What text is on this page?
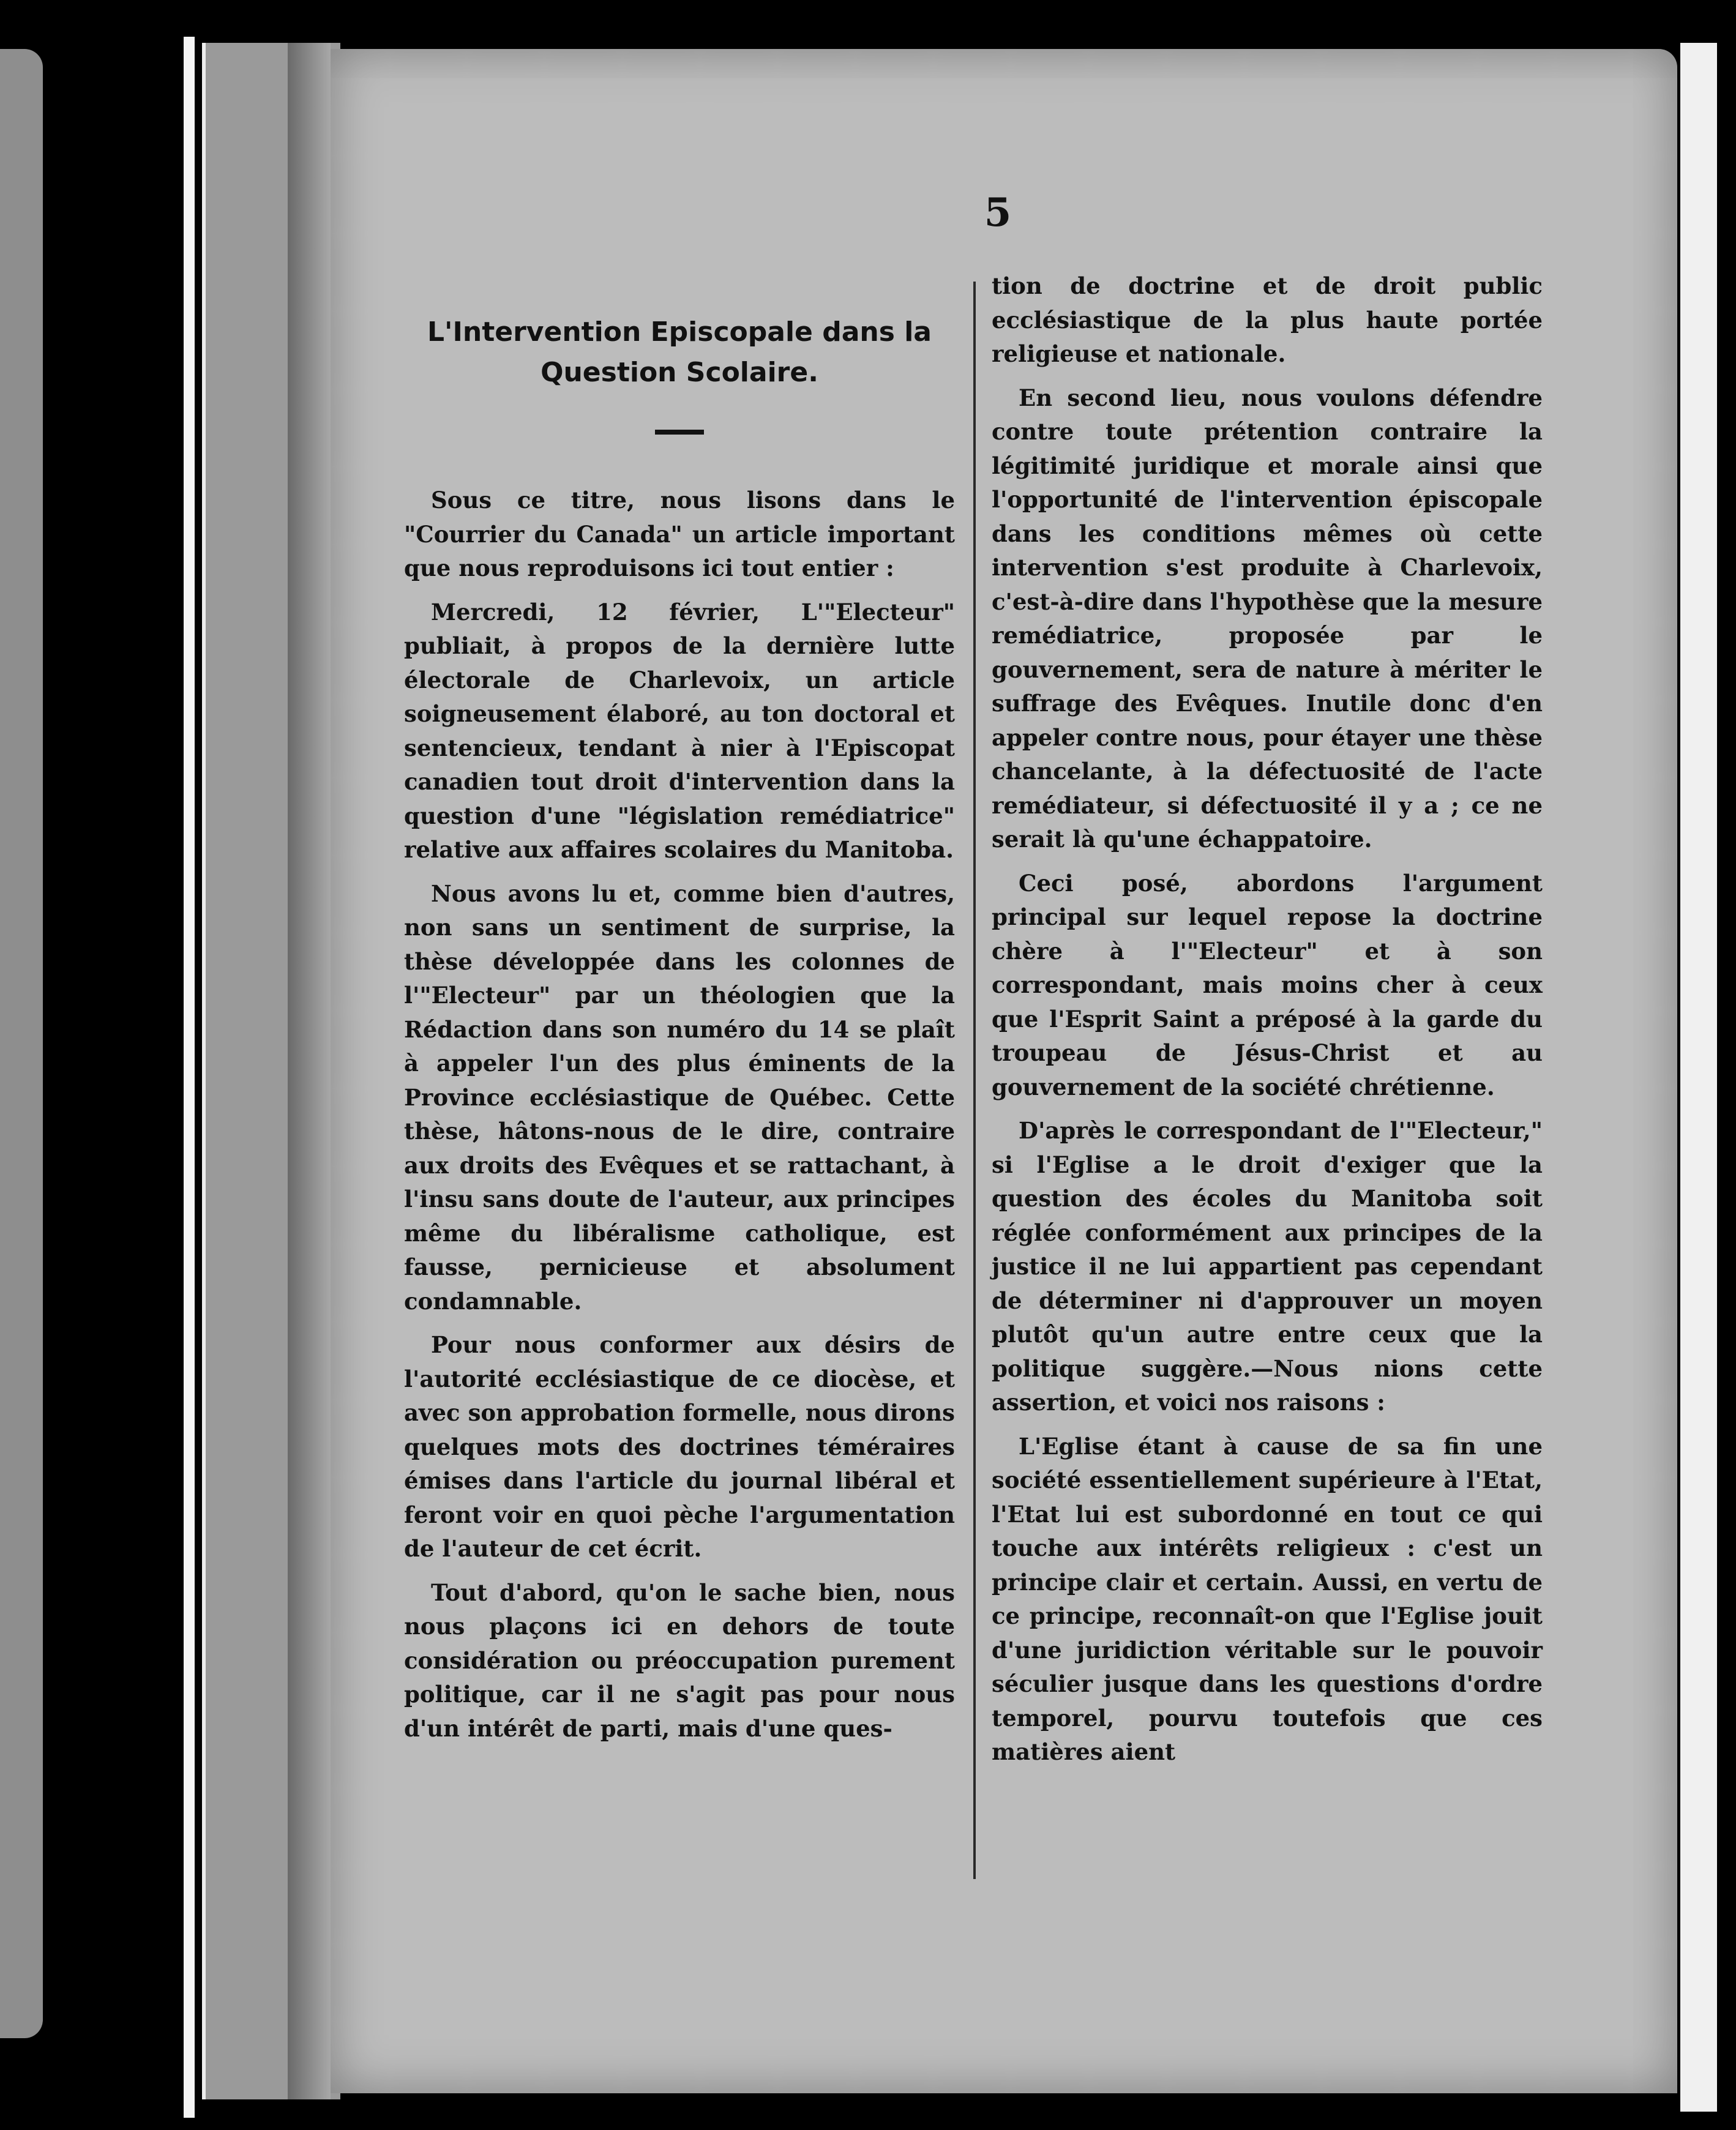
5
L'Intervention Episcopale dans la Question Scolaire.

Sous ce titre, nous lisons dans le "Courrier du Canada" un article important que nous reproduisons ici tout entier :

Mercredi, 12 février, L'"Electeur" publiait, à propos de la dernière lutte électorale de Charlevoix, un article soigneusement élaboré, au ton doctoral et sentencieux, tendant à nier à l'Episcopat canadien tout droit d'intervention dans la question d'une "législation remédiatrice" relative aux affaires scolaires du Manitoba.

Nous avons lu et, comme bien d'autres, non sans un sentiment de surprise, la thèse développée dans les colonnes de l'"Electeur" par un théologien que la Rédaction dans son numéro du 14 se plaît à appeler l'un des plus éminents de la Province ecclésiastique de Québec. Cette thèse, hâtons-nous de le dire, contraire aux droits des Evêques et se rattachant, à l'insu sans doute de l'auteur, aux principes même du libéralisme catholique, est fausse, pernicieuse et absolument condamnable.

Pour nous conformer aux désirs de l'autorité ecclésiastique de ce diocèse, et avec son approbation formelle, nous dirons quelques mots des doctrines téméraires émises dans l'article du journal libéral et feront voir en quoi pèche l'argumentation de l'auteur de cet écrit.

Tout d'abord, qu'on le sache bien, nous nous plaçons ici en dehors de toute considération ou préoccupation purement politique, car il ne s'agit pas pour nous d'un intérêt de parti, mais d'une ques-

tion de doctrine et de droit public ecclésiastique de la plus haute portée religieuse et nationale.

En second lieu, nous voulons défendre contre toute prétention contraire la légitimité juridique et morale ainsi que l'opportunité de l'intervention épiscopale dans les conditions mêmes où cette intervention s'est produite à Charlevoix, c'est-à-dire dans l'hypothèse que la mesure remédiatrice, proposée par le gouvernement, sera de nature à mériter le suffrage des Evêques. Inutile donc d'en appeler contre nous, pour étayer une thèse chancelante, à la défectuosité de l'acte remédiateur, si défectuosité il y a ; ce ne serait là qu'une échappatoire.

Ceci posé, abordons l'argument principal sur lequel repose la doctrine chère à l'"Electeur" et à son correspondant, mais moins cher à ceux que l'Esprit Saint a préposé à la garde du troupeau de Jésus-Christ et au gouvernement de la société chrétienne.

D'après le correspondant de l'"Electeur," si l'Eglise a le droit d'exiger que la question des écoles du Manitoba soit réglée conformément aux principes de la justice il ne lui appartient pas cependant de déterminer ni d'approuver un moyen plutôt qu'un autre entre ceux que la politique suggère.—Nous nions cette assertion, et voici nos raisons :

L'Eglise étant à cause de sa fin une société essentiellement supérieure à l'Etat, l'Etat lui est subordonné en tout ce qui touche aux intérêts religieux : c'est un principe clair et certain. Aussi, en vertu de ce principe, reconnaît-on que l'Eglise jouit d'une juridiction véritable sur le pouvoir séculier jusque dans les questions d'ordre temporel, pourvu toutefois que ces matières aient
